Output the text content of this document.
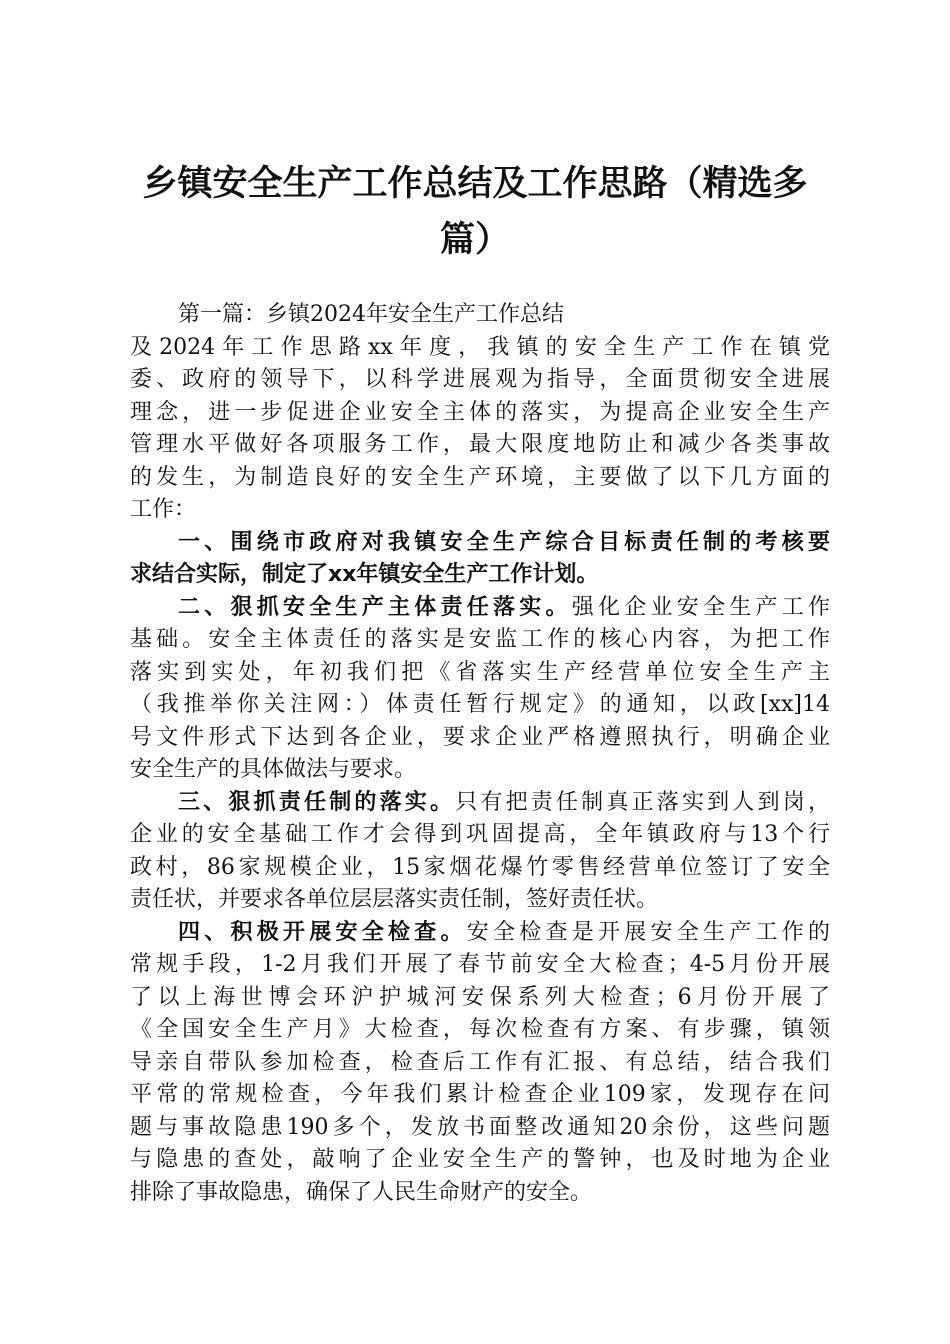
乡镇安全生产工作总结及工作思路（精选多
篇）
第一篇：乡镇2024年安全生产工作总结
及2024年工作思路xx年度，我镇的安全生产工作在镇党
委、政府的领导下，以科学进展观为指导，全面贯彻安全进展
理念，进一步促进企业安全主体的落实，为提高企业安全生产
管理水平做好各项服务工作，最大限度地防止和减少各类事故
的发生，为制造良好的安全生产环境，主要做了以下几方面的
工作：
一、围绕市政府对我镇安全生产综合目标责任制的考核要
求结合实际，制定了xx年镇安全生产工作计划。
二、狠抓安全生产主体责任落实。强化企业安全生产工作
基础。安全主体责任的落实是安监工作的核心内容，为把工作
落实到实处，年初我们把《省落实生产经营单位安全生产主
（我推举你关注网：）体责任暂行规定》的通知，以政[xx]14
号文件形式下达到各企业，要求企业严格遵照执行，明确企业
安全生产的具体做法与要求。
三、狠抓责任制的落实。只有把责任制真正落实到人到岗，
企业的安全基础工作才会得到巩固提高，全年镇政府与13个行
政村，86家规模企业，15家烟花爆竹零售经营单位签订了安全
责任状，并要求各单位层层落实责任制，签好责任状。
四、积极开展安全检查。安全检查是开展安全生产工作的
常规手段，1-2月我们开展了春节前安全大检查；4-5月份开展
了以上海世博会环沪护城河安保系列大检查；6月份开展了
《全国安全生产月》大检查，每次检查有方案、有步骤，镇领
导亲自带队参加检查，检查后工作有汇报、有总结，结合我们
平常的常规检查，今年我们累计检查企业109家，发现存在问
题与事故隐患190多个，发放书面整改通知20余份，这些问题
与隐患的查处，敲响了企业安全生产的警钟，也及时地为企业
排除了事故隐患，确保了人民生命财产的安全。
